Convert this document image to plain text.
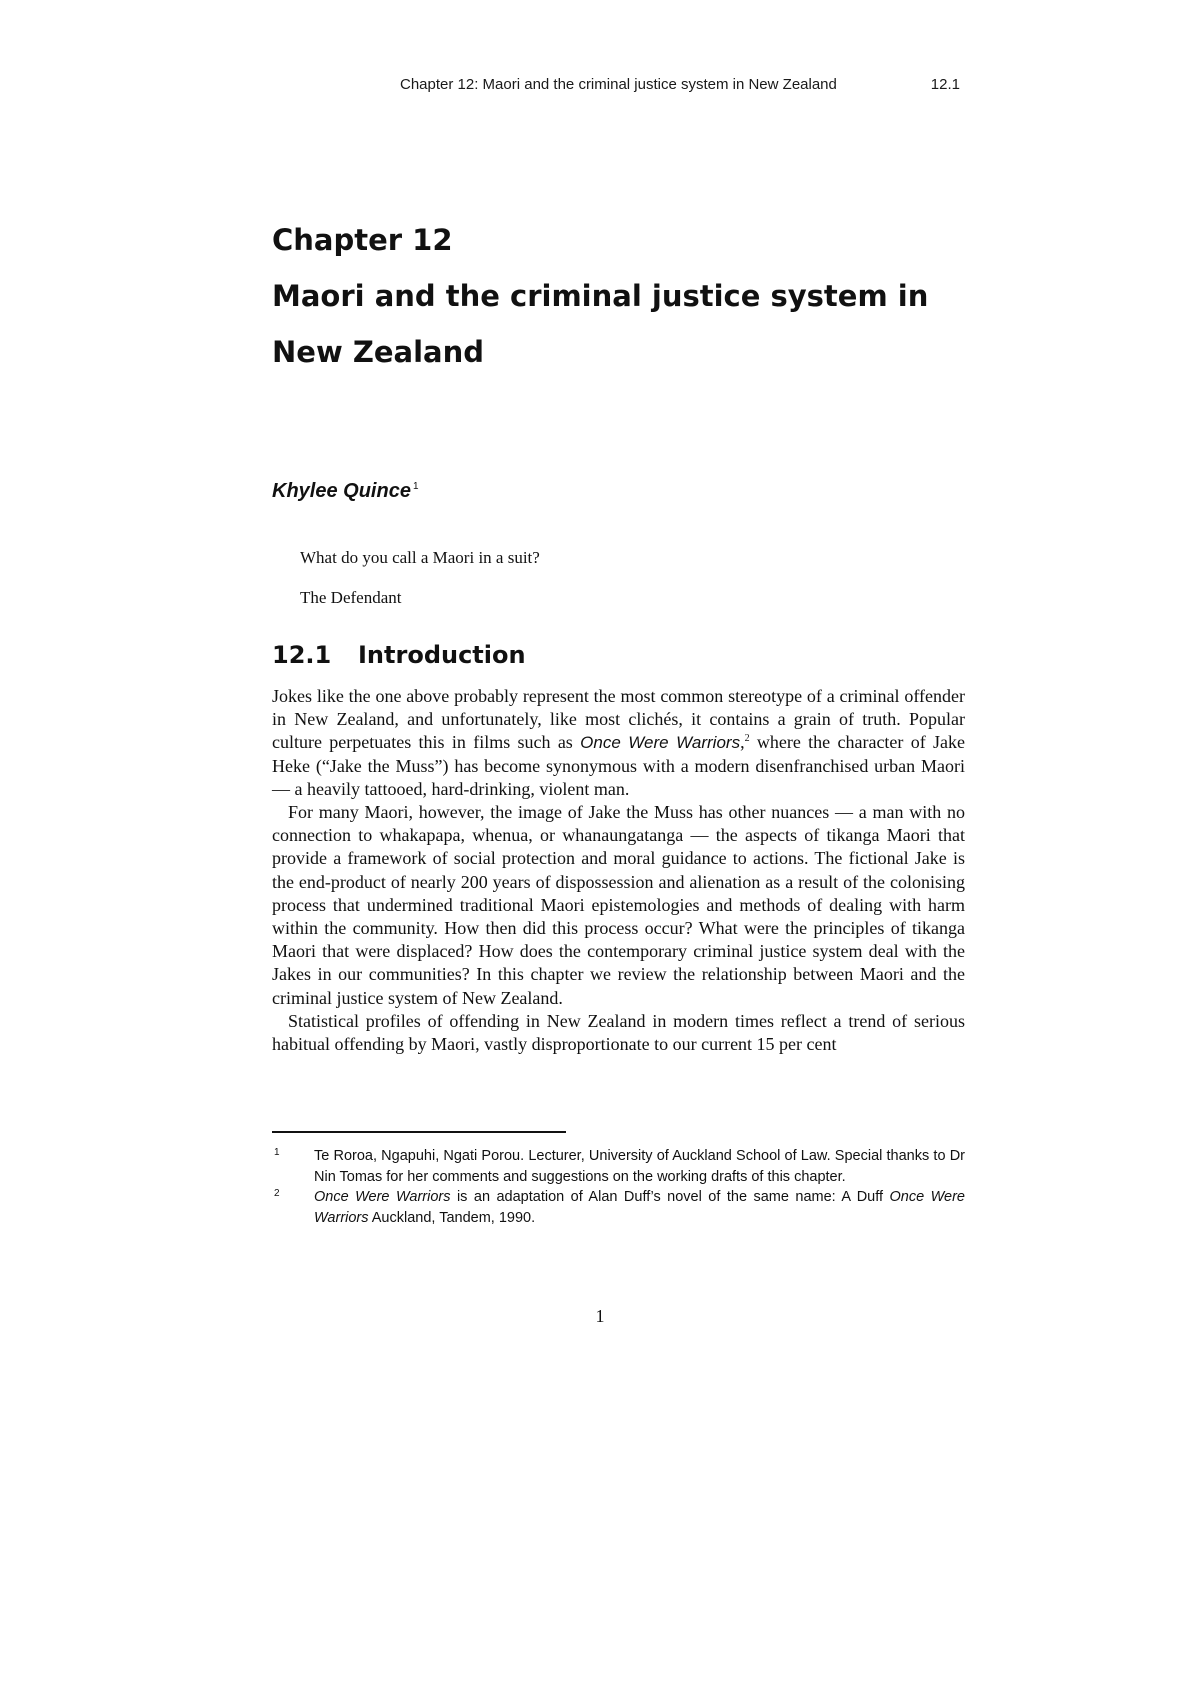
Chapter 12: Maori and the criminal justice system in New Zealand	12.1
Chapter 12
Maori and the criminal justice system in
New Zealand
Khylee Quince $^1$
What do you call a Maori in a suit?
The Defendant
12.1 Introduction

Jokes like the one above probably represent the most common stereotype of a criminal offender in New Zealand, and unfortunately, like most clichés, it contains a grain of truth. Popular culture perpetuates this in films such as Once Were Warriors,$^2$ where the character of Jake Heke (“Jake the Muss”) has become synonymous with a modern disenfranchised urban Maori — a heavily tattooed, hard-drinking, violent man.

For many Maori, however, the image of Jake the Muss has other nuances — a man with no connection to whakapapa, whenua, or whanaungatanga — the aspects of tikanga Maori that provide a framework of social protection and moral guidance to actions. The fictional Jake is the end-product of nearly 200 years of dispossession and alienation as a result of the colonising process that undermined traditional Maori epistemologies and methods of dealing with harm within the community. How then did this process occur? What were the principles of tikanga Maori that were displaced? How does the contemporary criminal justice system deal with the Jakes in our communities? In this chapter we review the relationship between Maori and the criminal justice system of New Zealand.

Statistical profiles of offending in New Zealand in modern times reflect a trend of serious habitual offending by Maori, vastly disproportionate to our current 15 per cent

1 Te Roroa, Ngapuhi, Ngati Porou. Lecturer, University of Auckland School of Law. Special thanks to Dr Nin Tomas for her comments and suggestions on the working drafts of this chapter.
2 Once Were Warriors is an adaptation of Alan Duff’s novel of the same name: A Duff Once Were Warriors Auckland, Tandem, 1990.
1
